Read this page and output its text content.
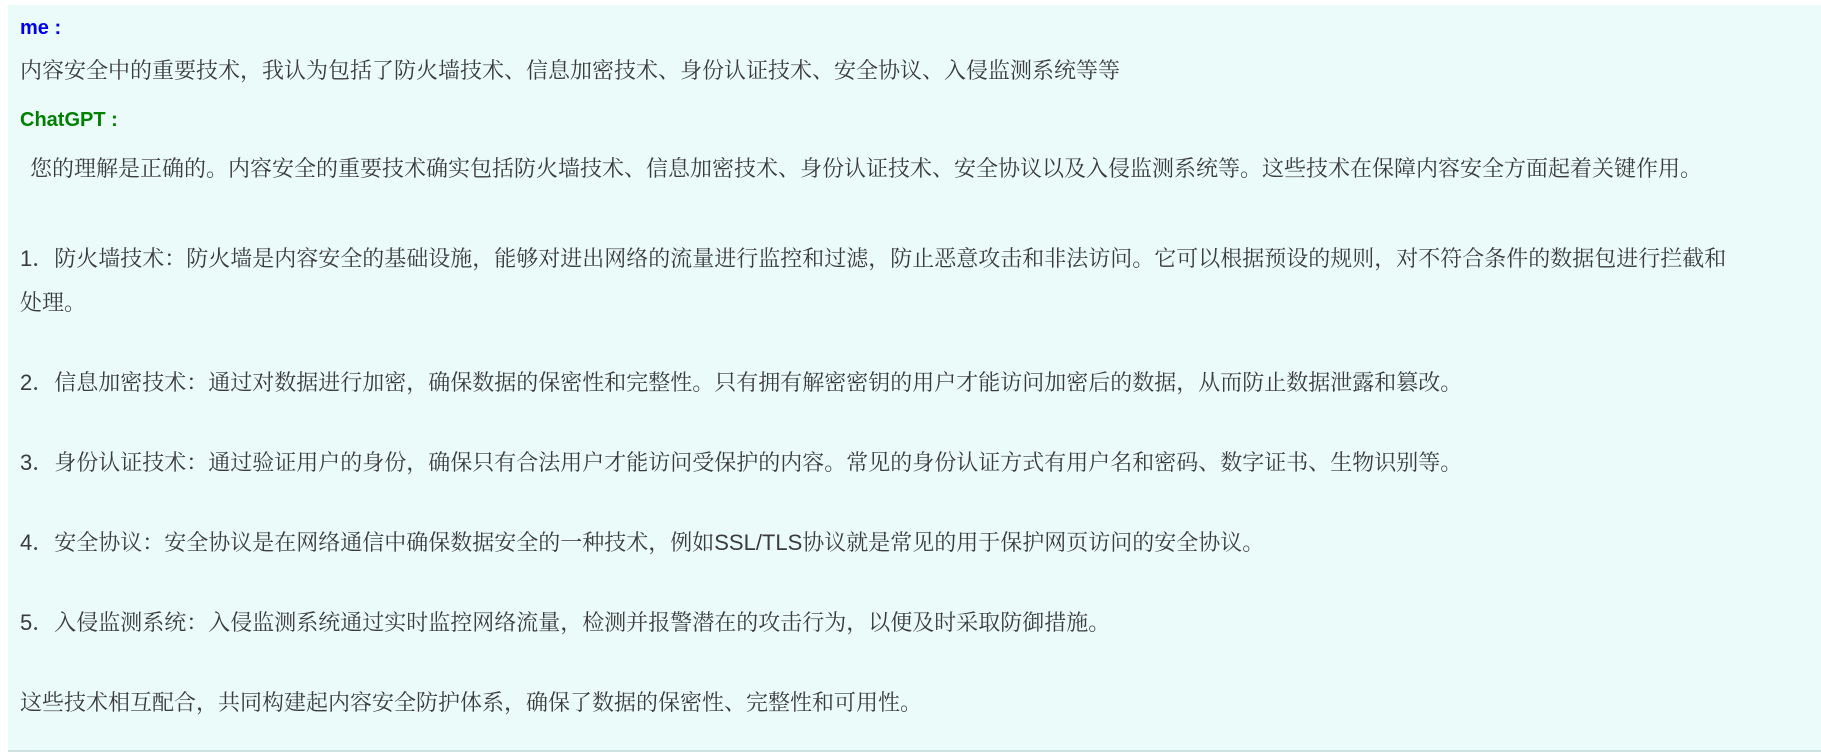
me :

内容安全中的重要技术，我认为包括了防火墙技术、信息加密技术、身份认证技术、安全协议、入侵监测系统等等

ChatGPT :

您的理解是正确的。内容安全的重要技术确实包括防火墙技术、信息加密技术、身份认证技术、安全协议以及入侵监测系统等。这些技术在保障内容安全方面起着关键作用。

1．防火墙技术：防火墙是内容安全的基础设施，能够对进出网络的流量进行监控和过滤，防止恶意攻击和非法访问。它可以根据预设的规则，对不符合条件的数据包进行拦截和处理。

2．信息加密技术：通过对数据进行加密，确保数据的保密性和完整性。只有拥有解密密钥的用户才能访问加密后的数据，从而防止数据泄露和篡改。

3．身份认证技术：通过验证用户的身份，确保只有合法用户才能访问受保护的内容。常见的身份认证方式有用户名和密码、数字证书、生物识别等。

4．安全协议：安全协议是在网络通信中确保数据安全的一种技术，例如SSL/TLS协议就是常见的用于保护网页访问的安全协议。

5．入侵监测系统：入侵监测系统通过实时监控网络流量，检测并报警潜在的攻击行为，以便及时采取防御措施。

这些技术相互配合，共同构建起内容安全防护体系，确保了数据的保密性、完整性和可用性。
